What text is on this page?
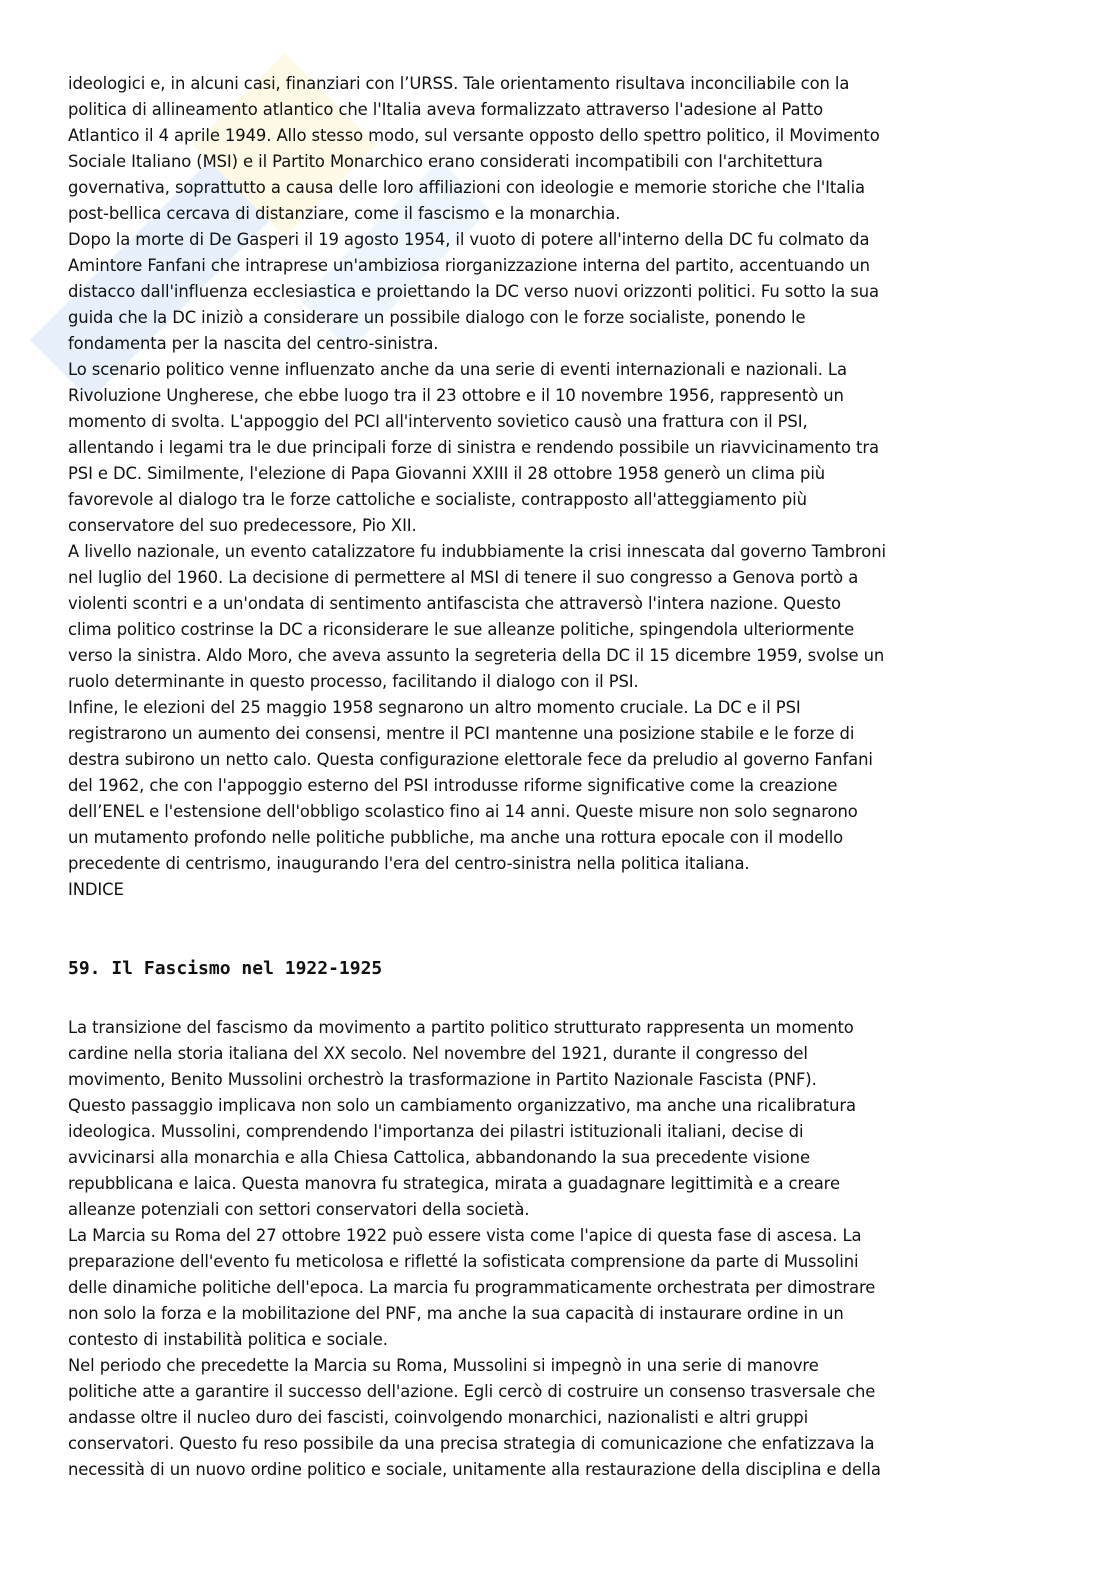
ideologici e, in alcuni casi, finanziari con l’URSS. Tale orientamento risultava inconciliabile con la
politica di allineamento atlantico che l'Italia aveva formalizzato attraverso l'adesione al Patto
Atlantico il 4 aprile 1949. Allo stesso modo, sul versante opposto dello spettro politico, il Movimento
Sociale Italiano (MSI) e il Partito Monarchico erano considerati incompatibili con l'architettura
governativa, soprattutto a causa delle loro affiliazioni con ideologie e memorie storiche che l'Italia
post-bellica cercava di distanziare, come il fascismo e la monarchia.
Dopo la morte di De Gasperi il 19 agosto 1954, il vuoto di potere all'interno della DC fu colmato da
Amintore Fanfani che intraprese un'ambiziosa riorganizzazione interna del partito, accentuando un
distacco dall'influenza ecclesiastica e proiettando la DC verso nuovi orizzonti politici. Fu sotto la sua
guida che la DC iniziò a considerare un possibile dialogo con le forze socialiste, ponendo le
fondamenta per la nascita del centro-sinistra.
Lo scenario politico venne influenzato anche da una serie di eventi internazionali e nazionali. La
Rivoluzione Ungherese, che ebbe luogo tra il 23 ottobre e il 10 novembre 1956, rappresentò un
momento di svolta. L'appoggio del PCI all'intervento sovietico causò una frattura con il PSI,
allentando i legami tra le due principali forze di sinistra e rendendo possibile un riavvicinamento tra
PSI e DC. Similmente, l'elezione di Papa Giovanni XXIII il 28 ottobre 1958 generò un clima più
favorevole al dialogo tra le forze cattoliche e socialiste, contrapposto all'atteggiamento più
conservatore del suo predecessore, Pio XII.
A livello nazionale, un evento catalizzatore fu indubbiamente la crisi innescata dal governo Tambroni
nel luglio del 1960. La decisione di permettere al MSI di tenere il suo congresso a Genova portò a
violenti scontri e a un'ondata di sentimento antifascista che attraversò l'intera nazione. Questo
clima politico costrinse la DC a riconsiderare le sue alleanze politiche, spingendola ulteriormente
verso la sinistra. Aldo Moro, che aveva assunto la segreteria della DC il 15 dicembre 1959, svolse un
ruolo determinante in questo processo, facilitando il dialogo con il PSI.
Infine, le elezioni del 25 maggio 1958 segnarono un altro momento cruciale. La DC e il PSI
registrarono un aumento dei consensi, mentre il PCI mantenne una posizione stabile e le forze di
destra subirono un netto calo. Questa configurazione elettorale fece da preludio al governo Fanfani
del 1962, che con l'appoggio esterno del PSI introdusse riforme significative come la creazione
dell’ENEL e l'estensione dell'obbligo scolastico fino ai 14 anni. Queste misure non solo segnarono
un mutamento profondo nelle politiche pubbliche, ma anche una rottura epocale con il modello
precedente di centrismo, inaugurando l'era del centro-sinistra nella politica italiana.
INDICE
59. Il Fascismo nel 1922-1925
La transizione del fascismo da movimento a partito politico strutturato rappresenta un momento
cardine nella storia italiana del XX secolo. Nel novembre del 1921, durante il congresso del
movimento, Benito Mussolini orchestrò la trasformazione in Partito Nazionale Fascista (PNF).
Questo passaggio implicava non solo un cambiamento organizzativo, ma anche una ricalibratura
ideologica. Mussolini, comprendendo l'importanza dei pilastri istituzionali italiani, decise di
avvicinarsi alla monarchia e alla Chiesa Cattolica, abbandonando la sua precedente visione
repubblicana e laica. Questa manovra fu strategica, mirata a guadagnare legittimità e a creare
alleanze potenziali con settori conservatori della società.
La Marcia su Roma del 27 ottobre 1922 può essere vista come l'apice di questa fase di ascesa. La
preparazione dell'evento fu meticolosa e rifletté la sofisticata comprensione da parte di Mussolini
delle dinamiche politiche dell'epoca. La marcia fu programmaticamente orchestrata per dimostrare
non solo la forza e la mobilitazione del PNF, ma anche la sua capacità di instaurare ordine in un
contesto di instabilità politica e sociale.
Nel periodo che precedette la Marcia su Roma, Mussolini si impegnò in una serie di manovre
politiche atte a garantire il successo dell'azione. Egli cercò di costruire un consenso trasversale che
andasse oltre il nucleo duro dei fascisti, coinvolgendo monarchici, nazionalisti e altri gruppi
conservatori. Questo fu reso possibile da una precisa strategia di comunicazione che enfatizzava la
necessità di un nuovo ordine politico e sociale, unitamente alla restaurazione della disciplina e della
